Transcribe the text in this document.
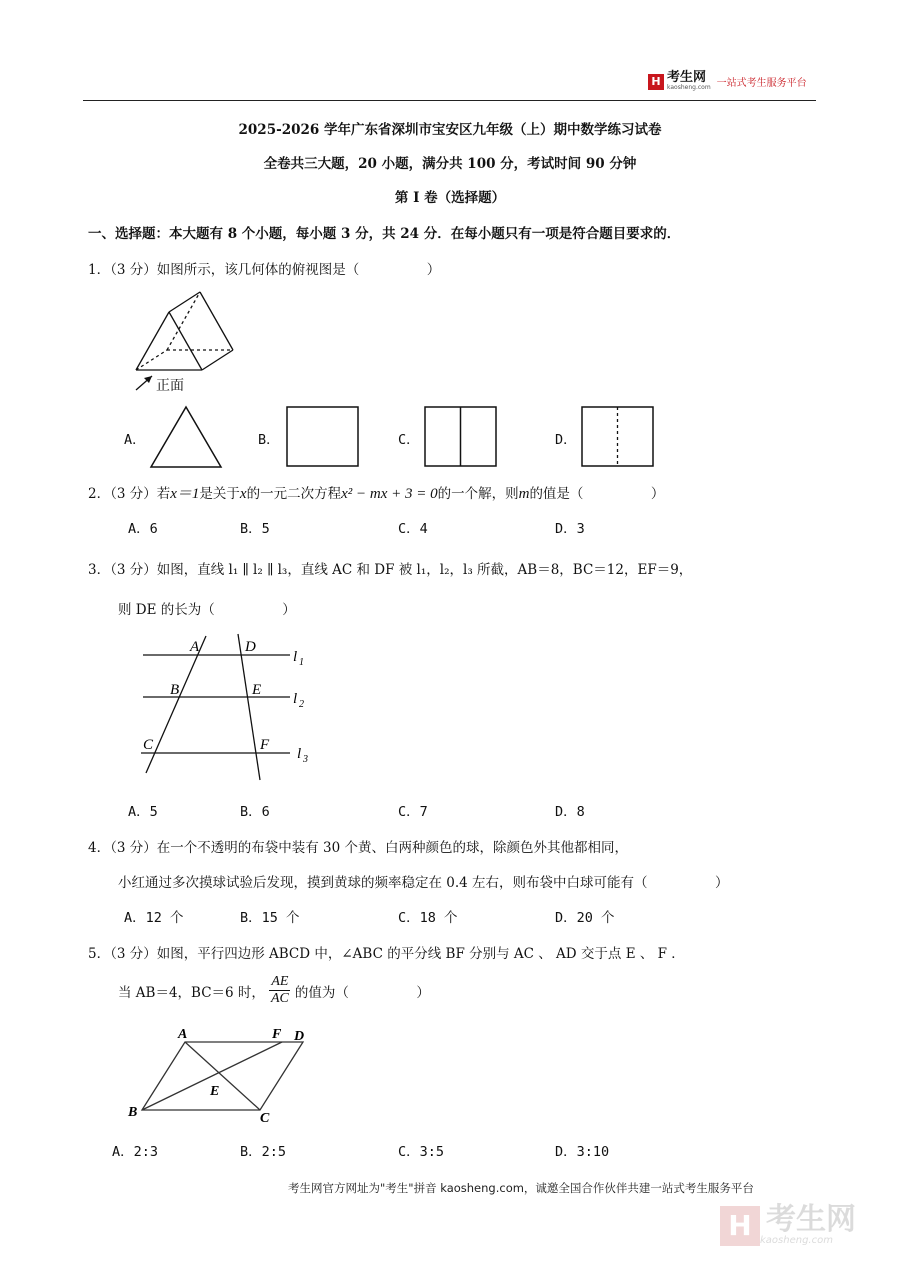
H 考生网
kaosheng.com 一站式考生服务平台
2025-2026 学年广东省深圳市宝安区九年级（上）期中数学练习试卷
全卷共三大题，20 小题，满分共 100 分，考试时间 90 分钟
第 I 卷（选择题）
一、选择题：本大题有 8 个小题，每小题 3 分，共 24 分．在每小题只有一项是符合题目要求的．
1．（3 分）如图所示，该几何体的俯视图是（　　　　　）
正面
A．	B．	C．	D．
2．（3 分）若 x＝1 是关于 x 的一元二次方程 x² − mx + 3 = 0 的一个解，则 m 的值是（　　　　　）
A．6	B．5	C．4	D．3
3．（3 分）如图，直线 l₁ ∥ l₂ ∥ l₃，直线 AC 和 DF 被 l₁，l₂，l₃ 所截，AB＝8，BC＝12，EF＝9，
则 DE 的长为（　　　　　）
A	D
B	E
C	F
l 1
l 2
l 3
A．5	B．6	C．7	D．8
4．（3 分）在一个不透明的布袋中装有 30 个黄、白两种颜色的球，除颜色外其他都相同，
小红通过多次摸球试验后发现，摸到黄球的频率稳定在 0.4 左右，则布袋中白球可能有（　　　　　）
A．12 个	B．15 个	C．18 个	D．20 个
5．（3 分）如图，平行四边形 ABCD 中，∠ABC 的平分线 BF 分别与 AC 、 AD 交于点 E 、 F ．
当 AB＝4，BC＝6 时， $\frac{AE}{AC}$ 的值为（　　　　　）
A	F D
B	C
E
A．2:3	B．2:5	C．3:5	D．3:10
考生网官方网址为"考生"拼音 kaosheng.com，诚邀全国合作伙伴共建一站式考生服务平台
H 考生网
kaosheng.com
